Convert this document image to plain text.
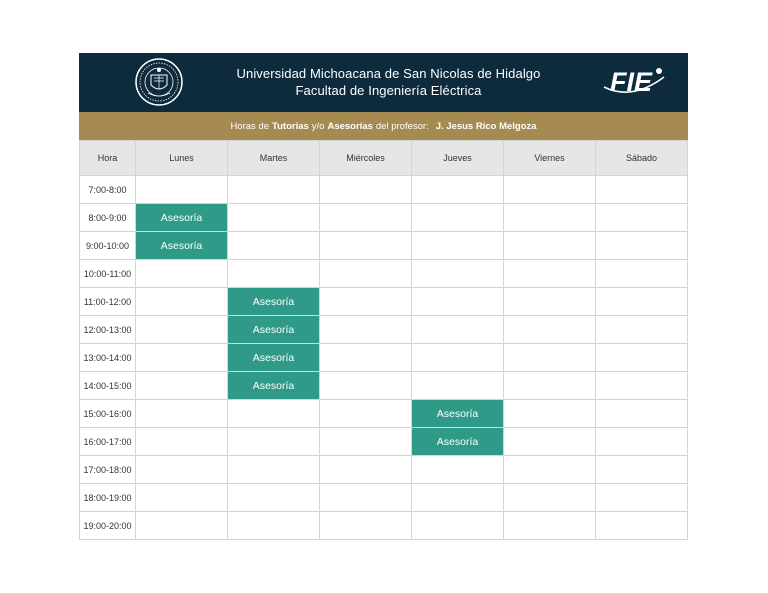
Universidad Michoacana de San Nicolas de Hidalgo
Facultad de Ingeniería Eléctrica	FIE
Horas de Tutorias y/o Asesorías del profesor: J. Jesus Rico Melgoza
Hora	Lunes	Martes	Miércoles	Jueves	Viernes	Sábado
7:00-8:00						
8:00-9:00	Asesoría					
9:00-10:00	Asesoría					
10:00-11:00						
11:00-12:00		Asesoría				
12:00-13:00		Asesoría				
13:00-14:00		Asesoría				
14:00-15:00		Asesoría				
15:00-16:00				Asesoría		
16:00-17:00				Asesoría		
17:00-18:00						
18:00-19:00						
19:00-20:00						
